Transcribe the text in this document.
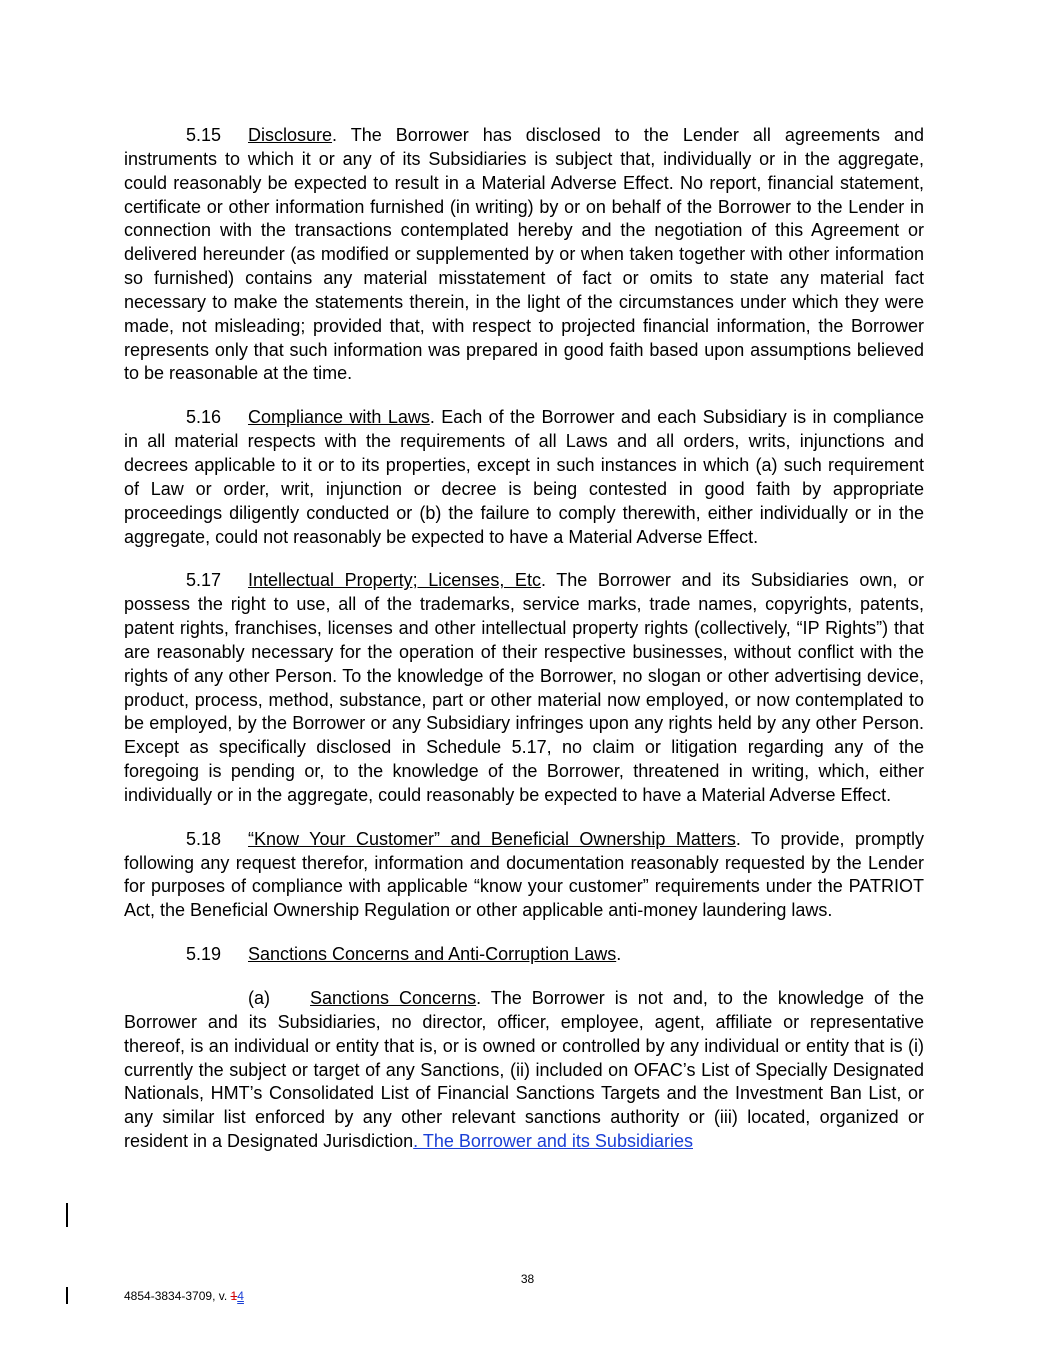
5.15 Disclosure. The Borrower has disclosed to the Lender all agreements and instruments to which it or any of its Subsidiaries is subject that, individually or in the aggregate, could reasonably be expected to result in a Material Adverse Effect. No report, financial statement, certificate or other information furnished (in writing) by or on behalf of the Borrower to the Lender in connection with the transactions contemplated hereby and the negotiation of this Agreement or delivered hereunder (as modified or supplemented by or when taken together with other information so furnished) contains any material misstatement of fact or omits to state any material fact necessary to make the statements therein, in the light of the circumstances under which they were made, not misleading; provided that, with respect to projected financial information, the Borrower represents only that such information was prepared in good faith based upon assumptions believed to be reasonable at the time.

5.16 Compliance with Laws. Each of the Borrower and each Subsidiary is in compliance in all material respects with the requirements of all Laws and all orders, writs, injunctions and decrees applicable to it or to its properties, except in such instances in which (a) such requirement of Law or order, writ, injunction or decree is being contested in good faith by appropriate proceedings diligently conducted or (b) the failure to comply therewith, either individually or in the aggregate, could not reasonably be expected to have a Material Adverse Effect.

5.17 Intellectual Property; Licenses, Etc. The Borrower and its Subsidiaries own, or possess the right to use, all of the trademarks, service marks, trade names, copyrights, patents, patent rights, franchises, licenses and other intellectual property rights (collectively, “IP Rights”) that are reasonably necessary for the operation of their respective businesses, without conflict with the rights of any other Person. To the knowledge of the Borrower, no slogan or other advertising device, product, process, method, substance, part or other material now employed, or now contemplated to be employed, by the Borrower or any Subsidiary infringes upon any rights held by any other Person. Except as specifically disclosed in Schedule 5.17, no claim or litigation regarding any of the foregoing is pending or, to the knowledge of the Borrower, threatened in writing, which, either individually or in the aggregate, could reasonably be expected to have a Material Adverse Effect.

5.18 “Know Your Customer” and Beneficial Ownership Matters. To provide, promptly following any request therefor, information and documentation reasonably requested by the Lender for purposes of compliance with applicable “know your customer” requirements under the PATRIOT Act, the Beneficial Ownership Regulation or other applicable anti-money laundering laws.

5.19 Sanctions Concerns and Anti-Corruption Laws.

(a) Sanctions Concerns. The Borrower is not and, to the knowledge of the Borrower and its Subsidiaries, no director, officer, employee, agent, affiliate or representative thereof, is an individual or entity that is, or is owned or controlled by any individual or entity that is (i) currently the subject or target of any Sanctions, (ii) included on OFAC’s List of Specially Designated Nationals, HMT’s Consolidated List of Financial Sanctions Targets and the Investment Ban List, or any similar list enforced by any other relevant sanctions authority or (iii) located, organized or resident in a Designated Jurisdiction. The Borrower and its Subsidiaries

38
4854-3834-3709, v. 14
